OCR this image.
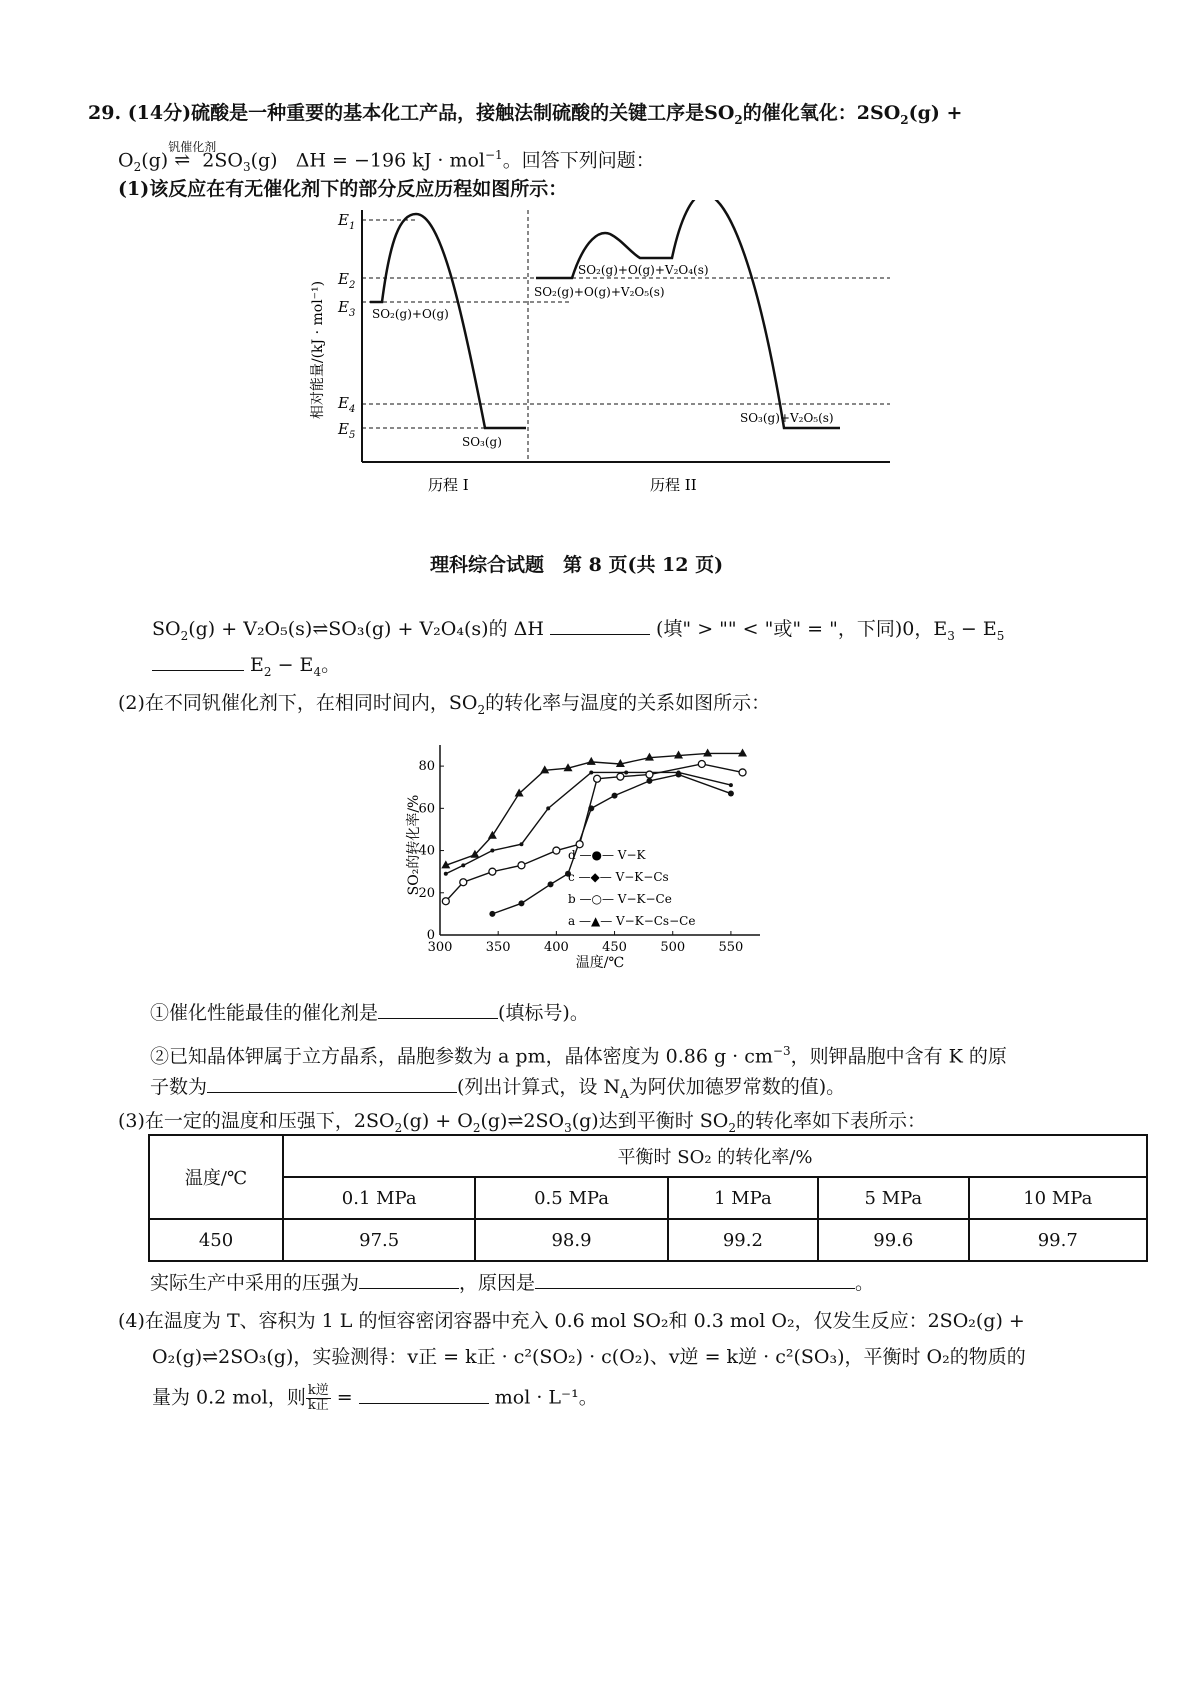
29. (14分)硫酸是一种重要的基本化工产品，接触法制硫酸的关键工序是$SO_2$的催化氧化：$2SO_2(g)$ +
$O_2(g)$
钒催化剂
⇌  $2SO_3(g) \Delta H = -196$ kJ · mol$^{-1}$。回答下列问题：
(1)该反应在有无催化剂下的部分反应历程如图所示：
相对能量/(kJ · mol⁻¹)
$E_1$
$E_2$
$E_3$
$E_4$
$E_5$
SO₂(g)+O(g)
SO₃(g)
历程 I
SO₂(g)+O(g)+V₂O₄(s)
SO₂(g)+O(g)+V₂O₅(s)
SO₃(g)+V₂O₅(s)
历程 II
理科综合试题　第 8 页(共 12 页)
$SO_2(g)$ + V₂O₅(s)⇌SO₃(g) + V₂O₄(s)的 ΔH	(填" > "" < "或" = "，下同)0，$E_3 - E_5$
$E_2 - E_4$。
(2)在不同钒催化剂下，在相同时间内，$SO_2$的转化率与温度的关系如图所示：
SO₂的转化率/%
温度/℃
300	350	400	450	500	550
0
20
40
60
80
d —●— V−K
c —◆— V−K−Cs
b —○— V−K−Ce
a —▲— V−K−Cs−Ce
①催化性能最佳的催化剂是	(填标号)。
②已知晶体钾属于立方晶系，晶胞参数为 a pm，晶体密度为 0.86 $g \cdot cm^{-3}$，则钾晶胞中含有 K 的原
子数为	(列出计算式，设 $N_A$为阿伏加德罗常数的值)。
(3)在一定的温度和压强下，$2SO_2(g)$ + $O_2(g)\rightleftharpoons 2SO_3(g)$达到平衡时 $SO_2$的转化率如下表所示：
温度/℃	平衡时 SO₂ 的转化率/%				
	0.1 MPa	0.5 MPa	1 MPa	5 MPa	10 MPa
450	97.5	98.9	99.2	99.6	99.7
实际生产中采用的压强为	，原因是	。
(4)在温度为 T、容积为 1 L 的恒容密闭容器中充入 0.6 mol SO₂和 0.3 mol O₂，仅发生反应：2SO₂(g) +
O₂(g)⇌2SO₃(g)，实验测得：v正 = k正 · c²(SO₂) · c(O₂)、v逆 = k逆 · c²(SO₃)，平衡时 O₂的物质的
量为 0.2 mol，则 $\frac{\text{k逆}}{\text{k正}}$ =	mol · L⁻¹。
